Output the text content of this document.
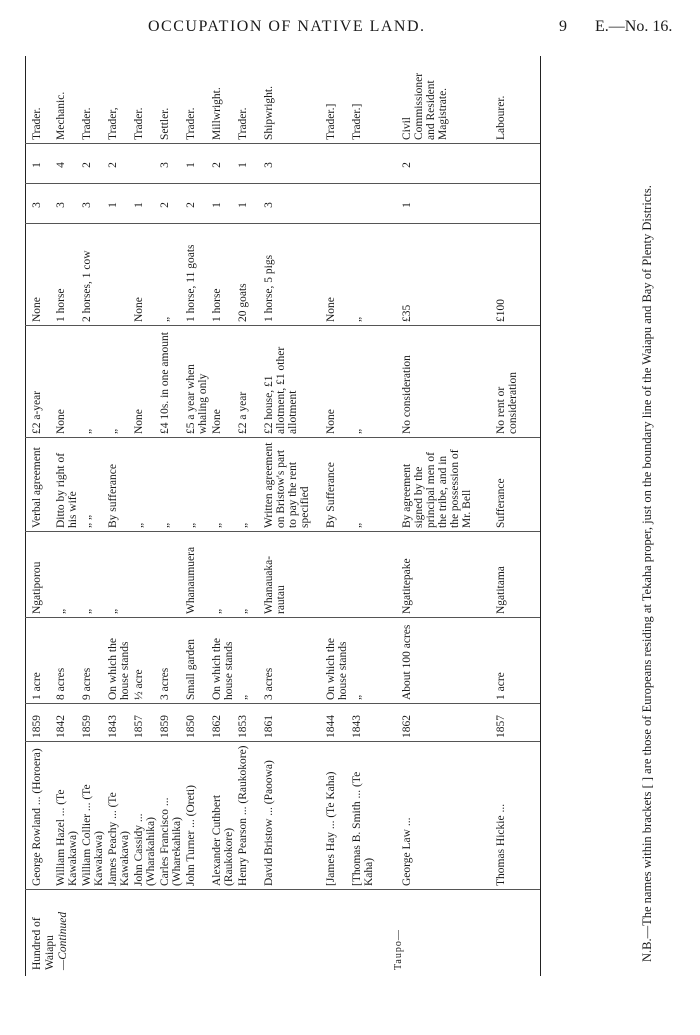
OCCUPATION OF NATIVE LAND.	9 E.—No. 16.
Hundred of Waiapu
—Continued
George Rowland ... (Horoera)
1859
1 acre
Ngatiporou
Verbal agreement
£2 a-year
None
3
1
Trader.
William Hazel ... (Te Kawakawa)
1842
8 acres
„
Ditto by right of his wife
None
1 horse
3
4
Mechanic.
William Collier ... (Te Kawakawa)
1859
9 acres
„
„ „
„
2 horses, 1 cow
3
2
Trader.
James Peachy ... (Te Kawakawa)
1843
On which the house stands
„
By sufferance
„
1
2
Trader,
John Cassidy ... (Wharakahika)
1857
½ acre
„
None
None
1
Trader.
Carles Francisco ... (Wharekahika)
1859
3 acres
„
£4 10s. in one amount
„
2
3
Settler.
John Turner ... (Oreti)
1850
Small garden
Whanaumuera
„
£5 a year when whaling only
1 horse, 11 goats
2
1
Trader.
Alexander Cuthbert (Raukokore)
1862
On which the house stands
„
„
None
1 horse
1
2
Millwright.
Henry Pearson ... (Raukokore)
1853
„
„
„
£2 a year
20 goats
1
1
Trader.
David Bristow ... (Paoowa)
1861
3 acres
Whanauaka-rautau
Written agreement on Bristow's part to pay the rent specified
£2 house, £1 allotment, £1 other allotment
1 horse, 5 pigs
3
3
Shipwright.
[James Hay ... (Te Kaha)
1844
On which the house stands
By Sufferance
None
None
Trader.]
[Thomas B. Smith ... (Te Kaha)
1843
„
„
„
„
Trader.]
Taupo—
George Law ...
1862
About 100 acres
Ngatitepake
By agreement signed by the principal men of the tribe, and in the possession of Mr. Bell
No consideration
£35
1
2
Civil Commissioner and Resident Magistrate.
Thomas Hickie ...
1857
1 acre
Ngatitama
Sufferance
No rent or consideration
£100
Labourer.
N.B.—The names within brackets [ ] are those of Europeans residing at Tekaha proper, just on the boundary line of the Waiapu and Bay of Plenty Districts.
